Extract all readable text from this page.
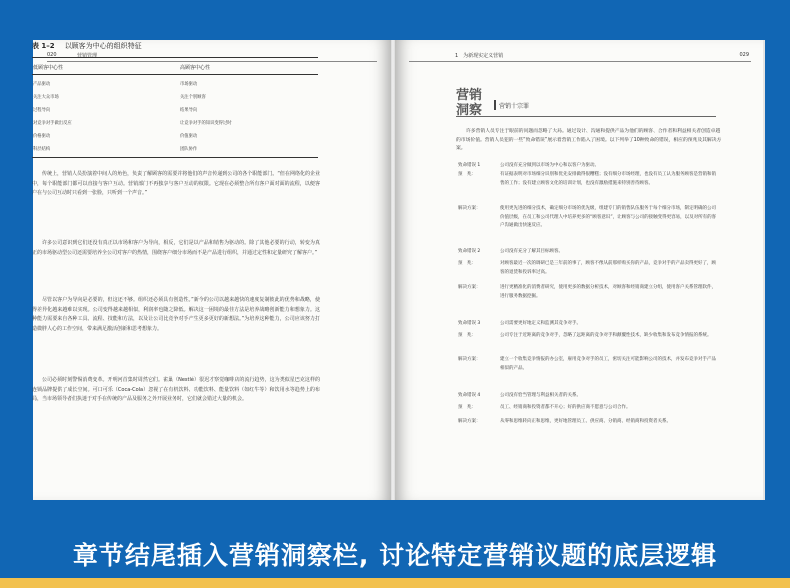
020	营销管理
表 1–2 以顾客为中心的组织特征
低顾客中心性	高顾客中心性
产品驱动	市场驱动
关注大众市场	关注个别顾客
过程导向	结果导向
对竞争对手做出反应	让竞争对手的知识变得过时
价格驱动	价值驱动
科层结构	团队协作
传统上，营销人员扮演着中间人的角色，负责了解顾客的需要并将他们的声音传递到公司的各个职能部门。“但在网络化的企业中，每个职能部门都可以直接与客户互动。营销部门不再独享与客户互动的权限。它现在必须整合所有客户面对面的流程，以便客户在与公司互动时只看到一张脸，只听到一个声音。”
许多公司意识到它们还没有真正以市场和客户为导向，相反，它们是以产品和销售为驱动的。除了其他必要的行动，转变为真正的市场驱动型公司还需要培养全公司对客户的热情，围绕客户细分市场而不是产品进行组织，并通过定性和定量研究了解客户。”
尽管以客户为导向是必要的，但这还不够。组织还必须具有创造性。”新今的公司以越来越快的速度复制彼此的优势和战略，使得差异化越来越难以实现。公司变得越来越相似，利润率也随之降低。解决这一困境的最佳方法是培养战略创新能力和想象力。这种能力需要来自各种工具、流程、技能和方法，以及让公司比竞争对手产生更多更好的新想法。”为培养这种能力，公司应该努力打造微胖人心的工作空间，带来满足激活创新和思考想象力。
公司必须时刻警惕消费变革。开明河首集时周然它们。雀巢（Nestlé）很迟才察觉咖啡店的流行趋势，这为类似星巴克这样的连锁品牌提供了成长空间。可口可乐（Coca-Cola）忽视了在有机饮料、功能饮料、能量饮料（如红牛等）和饮用水等趋势上的布局，当市场领导者们执迷于对手在传统的产品及服务之外开展业务时，它们就会错过大量的机会。
1　为新现实定义营销	029
营销
洞察	营销十宗罪
许多营销人员专注于眼前的问题而忽略了大局。通过设计、沟通和提供产品为他们的顾客、合作者和利益相关者创造卓越的市场价值。营销人员犯的一些“致命错误”展示着营销工作陷入了困境。以下列举了10种致命的错误，相应的预兆及其解决方案。
致命错误 1	公司没有充分做到以市场为中心和以客户为驱动。
预　兆：	有证据表明对市场细分识别和优先安排做得很糟糕；没有细分市场经理，也没有员工认为服务顾客是营销和销售的工作；没有建立顾客文化的培训计划，也没有激励措施来特别善待顾客。
解决方案：	使用更先进的细分技术，确定细分市场的优先级，组建专门的销售队伍服务于每个细分市场，制定明确的公司价值层级，在员工和公司代理人中培养更多的“顾客意识”，让顾客与公司的接触变得更容易，以及对所有的客户沟通做出快速反应。
致命错误 2	公司没有充分了解其目标顾客。
预　兆：	对顾客最近一次的调研已是三年前的事了，顾客不像从前那样购买你的产品，竞争对手的产品卖得更好了，顾客的退货和投诉率过高。
解决方案：	进行更精准化的消费者研究，使用更多的数据分析技术，对顾客和经销商建立分组，使用客户关系管理软件，进行服务数据挖掘。
致命错误 3	公司需要更好地定义和监测其竞争对手。
预　兆：	公司专注于近距离的竞争对手，忽略了远距离的竞争对手和颠覆性技术，缺少收集和发布竞争情报的系统。
解决方案：	建立一个收集竞争情报的办公室，雇用竞争对手的员工，密切关注可能影响公司的技术，并发布竞争对手产品相似的产品。
致命错误 4	公司没有恰当管理与利益相关者的关系。
预　兆：	员工、经销商和投资者都不开心；好的供应商不愿意与公司合作。
解决方案：	从零和思维转向正和思维，更好地管理员工、供应商、分销商、经销商和投资者关系。
章节结尾插入营销洞察栏, 讨论特定营销议题的底层逻辑
